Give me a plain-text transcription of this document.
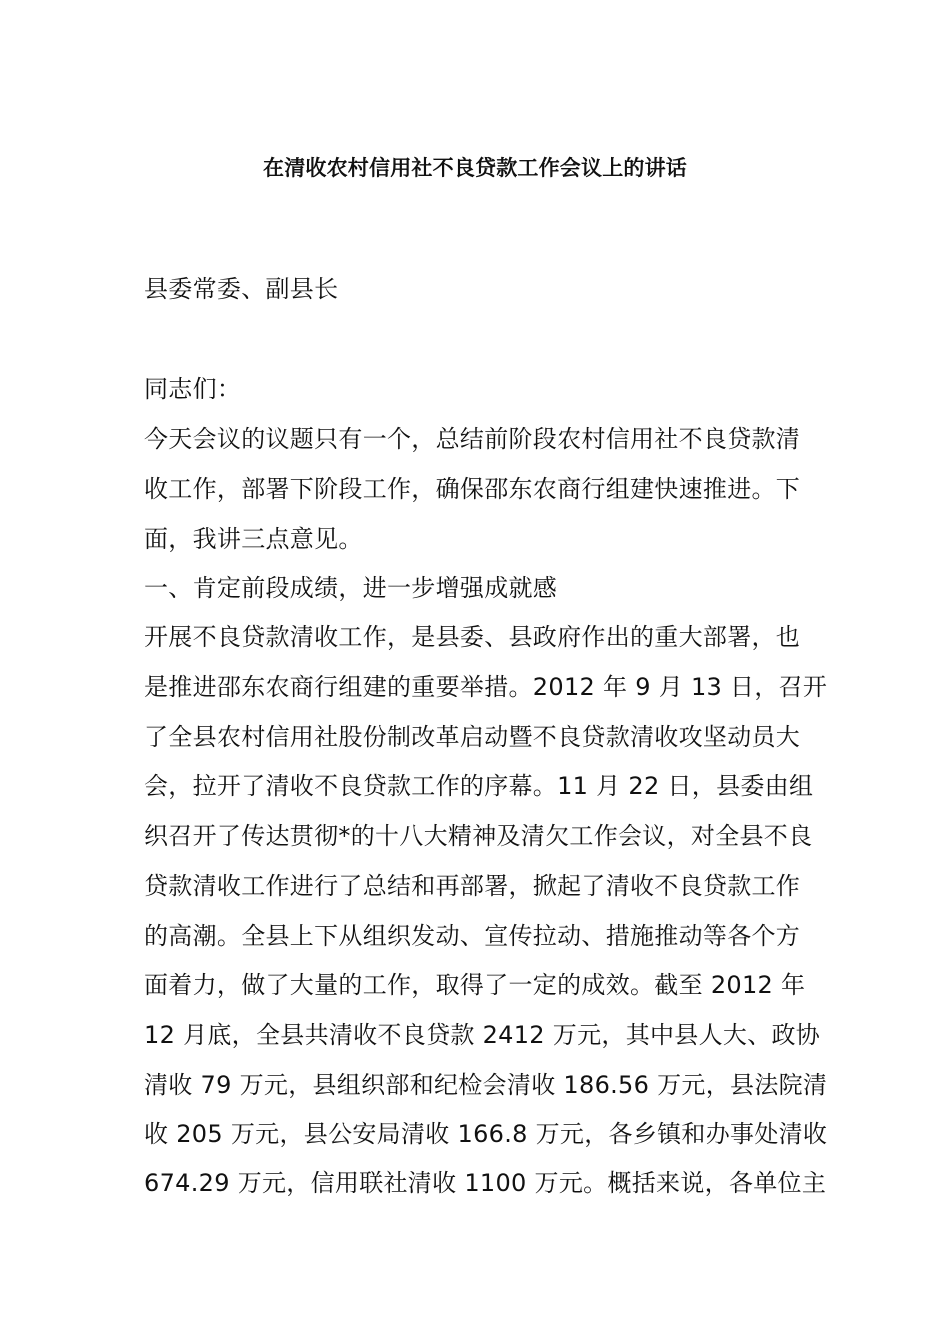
在清收农村信用社不良贷款工作会议上的讲话
县委常委、副县长
同志们：
今天会议的议题只有一个，总结前阶段农村信用社不良贷款清
收工作，部署下阶段工作，确保邵东农商行组建快速推进。下
面，我讲三点意见。
一、肯定前段成绩，进一步增强成就感
开展不良贷款清收工作，是县委、县政府作出的重大部署，也
是推进邵东农商行组建的重要举措。2012 年 9 月 13 日，召开
了全县农村信用社股份制改革启动暨不良贷款清收攻坚动员大
会，拉开了清收不良贷款工作的序幕。11 月 22 日，县委由组
织召开了传达贯彻*的十八大精神及清欠工作会议，对全县不良
贷款清收工作进行了总结和再部署，掀起了清收不良贷款工作
的高潮。全县上下从组织发动、宣传拉动、措施推动等各个方
面着力，做了大量的工作，取得了一定的成效。截至 2012 年
12 月底，全县共清收不良贷款 2412 万元，其中县人大、政协
清收 79 万元，县组织部和纪检会清收 186.56 万元，县法院清
收 205 万元，县公安局清收 166.8 万元，各乡镇和办事处清收
674.29 万元，信用联社清收 1100 万元。概括来说，各单位主
